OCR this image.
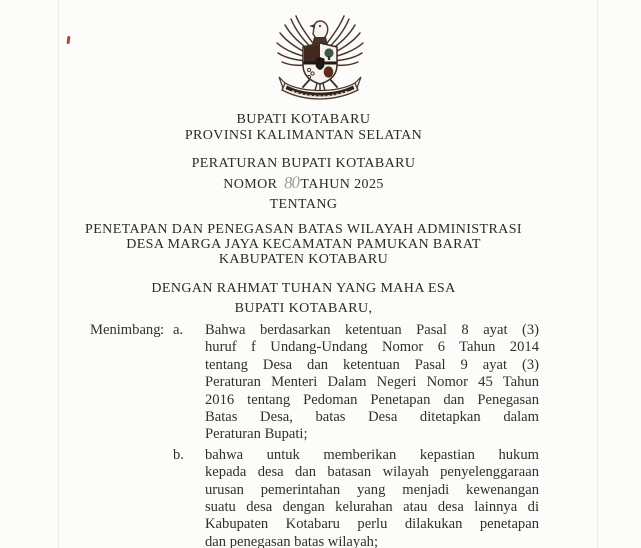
BUPATI KOTABARU
PROVINSI KALIMANTAN SELATAN
PERATURAN BUPATI KOTABARU
NOMOR 80TAHUN 2025
TENTANG
PENETAPAN DAN PENEGASAN BATAS WILAYAH ADMINISTRASI
DESA MARGA JAYA KECAMATAN PAMUKAN BARAT
KABUPATEN KOTABARU
DENGAN RAHMAT TUHAN YANG MAHA ESA
BUPATI KOTABARU,
Menimbang : a.	Bahwa berdasarkan ketentuan Pasal 8 ayat (3)
huruf f Undang-Undang Nomor 6 Tahun 2014
tentang Desa dan ketentuan Pasal 9 ayat (3)
Peraturan Menteri Dalam Negeri Nomor 45 Tahun
2016 tentang Pedoman Penetapan dan Penegasan
Batas Desa, batas Desa ditetapkan dalam
Peraturan Bupati;
b.	bahwa untuk memberikan kepastian hukum
kepada desa dan batasan wilayah penyelenggaraan
urusan pemerintahan yang menjadi kewenangan
suatu desa dengan kelurahan atau desa lainnya di
Kabupaten Kotabaru perlu dilakukan penetapan
dan penegasan batas wilayah;
